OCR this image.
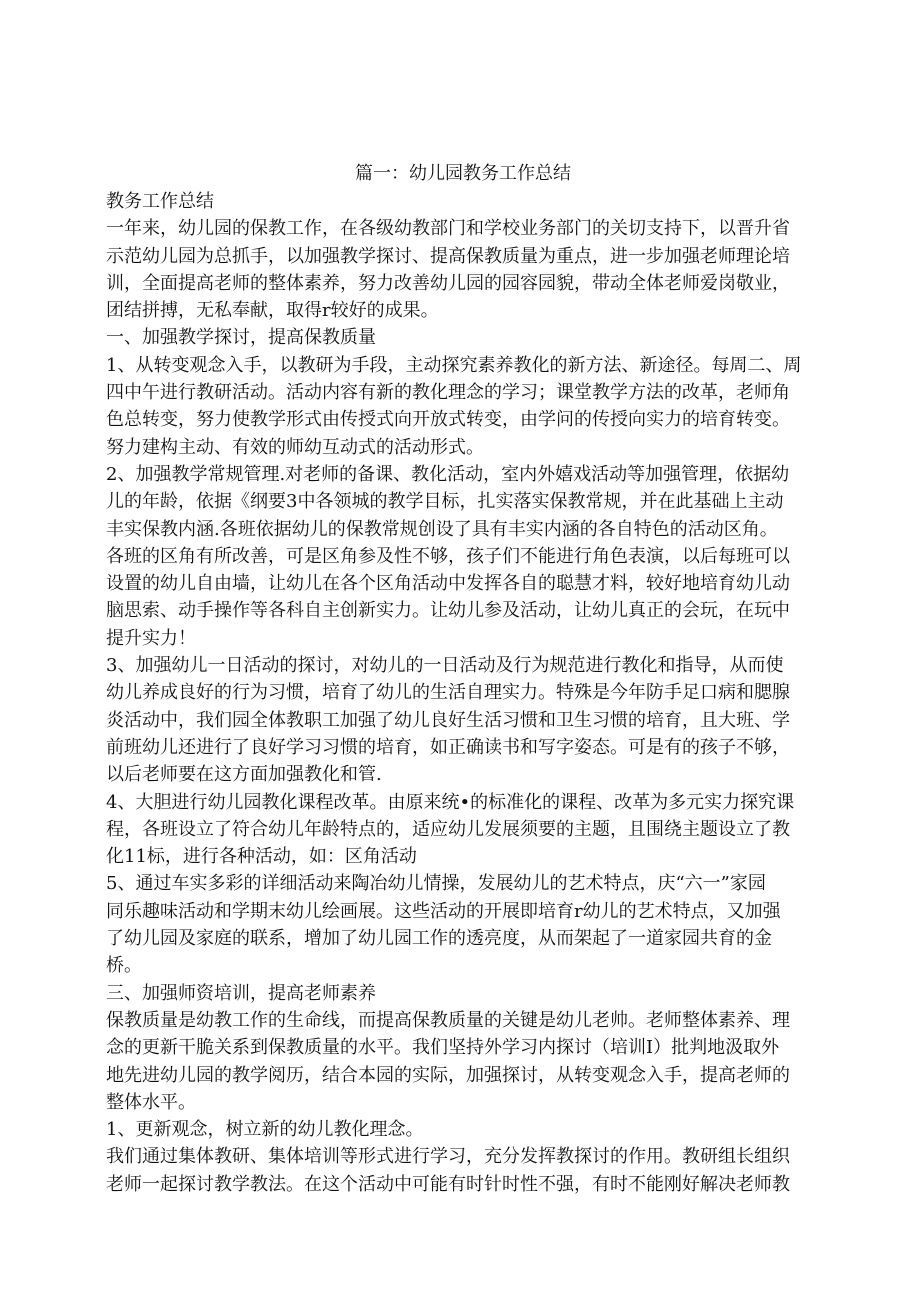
篇一：幼儿园教务工作总结

教务工作总结

一年来，幼儿园的保教工作，在各级幼教部门和学校业务部门的关切支持下，以晋升省

示范幼儿园为总抓手，以加强教学探讨、提高保教质量为重点，进一步加强老师理论培

训，全面提高老师的整体素养，努力改善幼儿园的园容园貌，带动全体老师爱岗敬业，

团结拼搏，无私奉献，取得r较好的成果。

一、加强教学探讨，提高保教质量

1、从转变观念入手，以教研为手段，主动探究素养教化的新方法、新途径。每周二、周

四中午进行教研活动。活动内容有新的教化理念的学习；课堂教学方法的改革，老师角

色总转变，努力使教学形式由传授式向开放式转变，由学问的传授向实力的培育转变。

努力建构主动、有效的师幼互动式的活动形式。

2、加强教学常规管理.对老师的备课、教化活动，室内外嬉戏活动等加强管理，依据幼

儿的年龄，依据《纲要3中各领城的教学目标，扎实落实保教常规，并在此基础上主动

丰实保教内涵.各班依据幼儿的保教常规创设了具有丰实内涵的各自特色的活动区角。

各班的区角有所改善，可是区角参及性不够，孩子们不能进行角色表演，以后每班可以

设置的幼儿自由墙，让幼儿在各个区角活动中发挥各自的聪慧才料，较好地培育幼儿动

脑思索、动手操作等各科自主创新实力。让幼儿参及活动，让幼儿真正的会玩，在玩中

提升实力！

3、加强幼儿一日活动的探讨，对幼儿的一日活动及行为规范进行教化和指导，从而使

幼儿养成良好的行为习惯，培育了幼儿的生活自理实力。特殊是今年防手足口病和腮腺

炎活动中，我们园全体教职工加强了幼儿良好生活习惯和卫生习惯的培育，且大班、学

前班幼儿还进行了良好学习习惯的培育，如正确读书和写字姿态。可是有的孩子不够，

以后老师要在这方面加强教化和管.

4、大胆进行幼儿园教化课程改革。由原来统•的标准化的课程、改革为多元实力探究课

程，各班设立了符合幼儿年龄特点的，适应幼儿发展须要的主题，且围绕主题设立了教

化11标，进行各种活动，如：区角活动

5、通过车实多彩的详细活动来陶冶幼儿情操，发展幼儿的艺术特点，庆“六一”家园

同乐趣味活动和学期末幼儿绘画展。这些活动的开展即培育r幼儿的艺术特点，又加强

了幼儿园及家庭的联系，增加了幼儿园工作的透亮度，从而架起了一道家园共育的金

桥。

三、加强师资培训，提高老师素养

保教质量是幼教工作的生命线，而提高保教质量的关键是幼儿老帅。老师整体素养、理

念的更新干脆关系到保教质量的水平。我们坚持外学习内探讨（培训I）批判地汲取外

地先进幼儿园的教学阅历，结合本园的实际，加强探讨，从转变观念入手，提高老师的

整体水平。

1、更新观念，树立新的幼儿教化理念。

我们通过集体教研、集体培训等形式进行学习，充分发挥教探讨的作用。教研组长组织

老师一起探讨教学教法。在这个活动中可能有时针时性不强，有时不能刚好解决老师教
